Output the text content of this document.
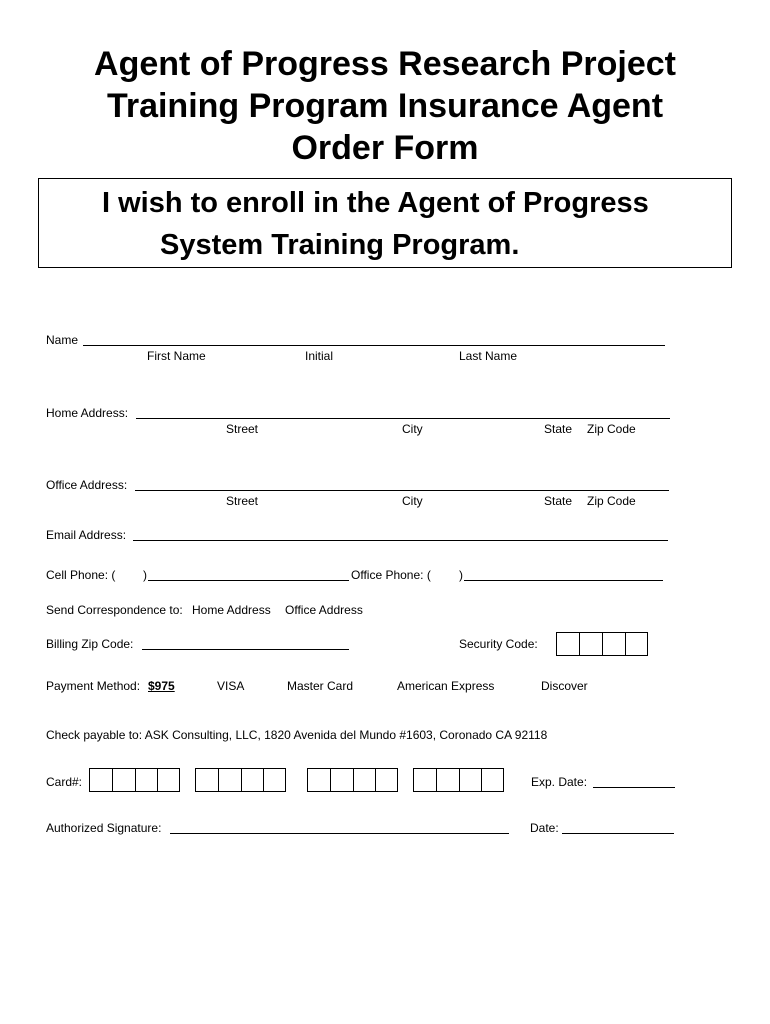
Agent of Progress Research Project
Training Program Insurance Agent
Order Form
I wish to enroll in the Agent of Progress
System Training Program.
Name
First Name	Initial	Last Name
Home Address:
Street	City	State Zip Code
Office Address:
Street	City	State Zip Code
Email Address:
Cell Phone: ( )	Office Phone: ( )
Send Correspondence to: Home Address Office Address
Billing Zip Code:	Security Code:
Payment Method: $975	VISA	Master Card	American Express	Discover
Check payable to: ASK Consulting, LLC, 1820 Avenida del Mundo #1603, Coronado CA 92118
Card#:	Exp. Date:
Authorized Signature:	Date:
